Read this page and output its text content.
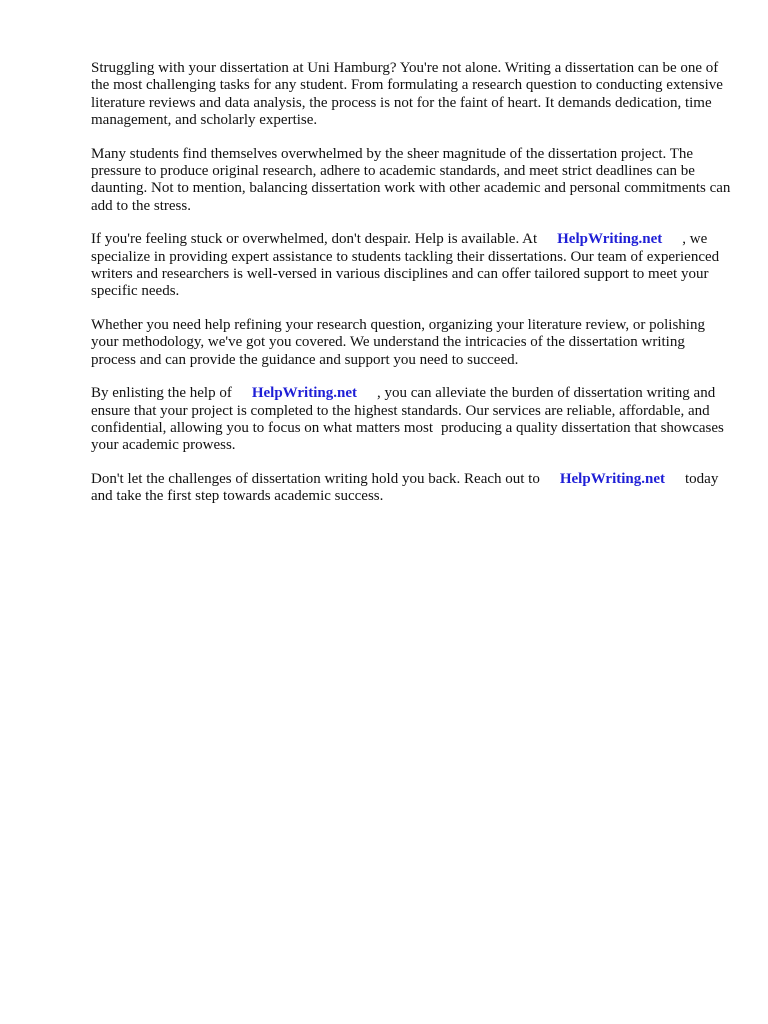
Struggling with your dissertation at Uni Hamburg? You're not alone. Writing a dissertation can be one of the most challenging tasks for any student. From formulating a research question to conducting extensive literature reviews and data analysis, the process is not for the faint of heart. It demands dedication, time management, and scholarly expertise.

Many students find themselves overwhelmed by the sheer magnitude of the dissertation project. The pressure to produce original research, adhere to academic standards, and meet strict deadlines can be daunting. Not to mention, balancing dissertation work with other academic and personal commitments can add to the stress.

If you're feeling stuck or overwhelmed, don't despair. Help is available. At HelpWriting.net , we specialize in providing expert assistance to students tackling their dissertations. Our team of experienced writers and researchers is well-versed in various disciplines and can offer tailored support to meet your specific needs.

Whether you need help refining your research question, organizing your literature review, or polishing your methodology, we've got you covered. We understand the intricacies of the dissertation writing process and can provide the guidance and support you need to succeed.

By enlisting the help of HelpWriting.net , you can alleviate the burden of dissertation writing and ensure that your project is completed to the highest standards. Our services are reliable, affordable, and confidential, allowing you to focus on what matters most producing a quality dissertation that showcases your academic prowess.

Don't let the challenges of dissertation writing hold you back. Reach out to HelpWriting.net today and take the first step towards academic success.
